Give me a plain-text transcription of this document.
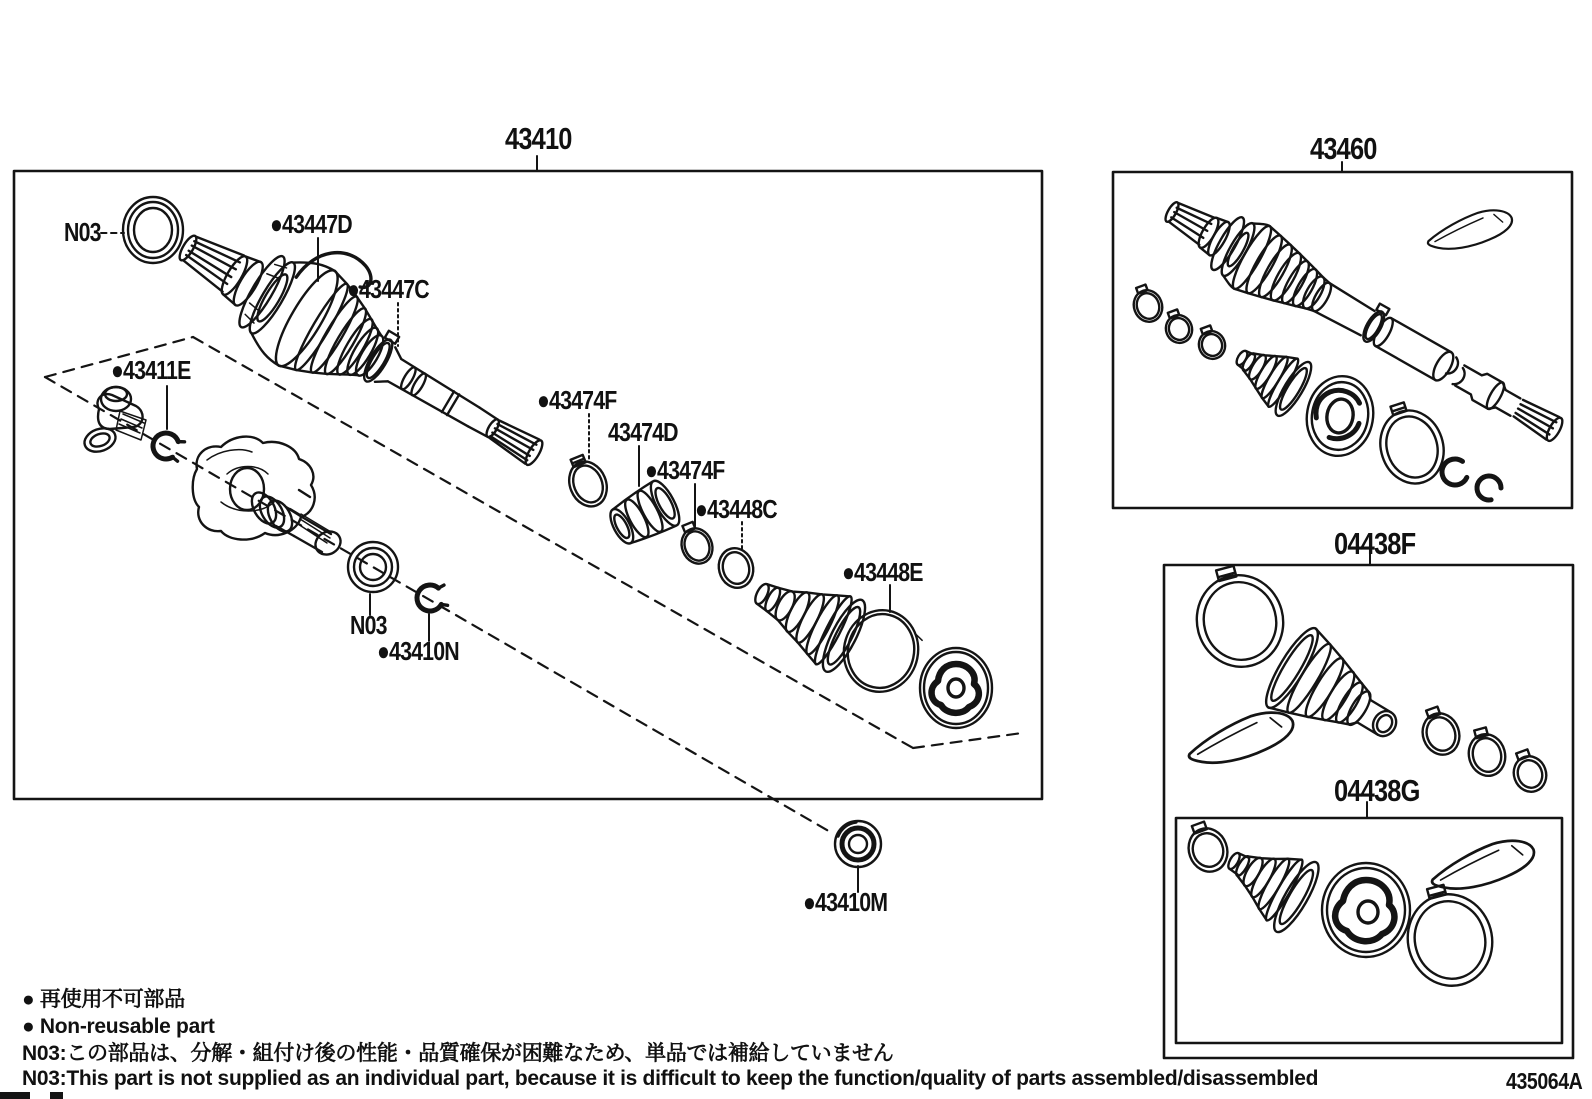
43410	43460
04438F
04438G
N03	●43447D
●43447C
●43411E
●43474F
43474D
●43474F
●43448C
●43448E
N03
●43410N
●43410M
● 再使用不可部品
● Non-reusable part
N03:この部品は、分解・組付け後の性能・品質確保が困難なため、単品では補給していません
N03:This part is not supplied as an individual part, because it is difficult to keep the function/quality of parts assembled/disassembled	435064A
